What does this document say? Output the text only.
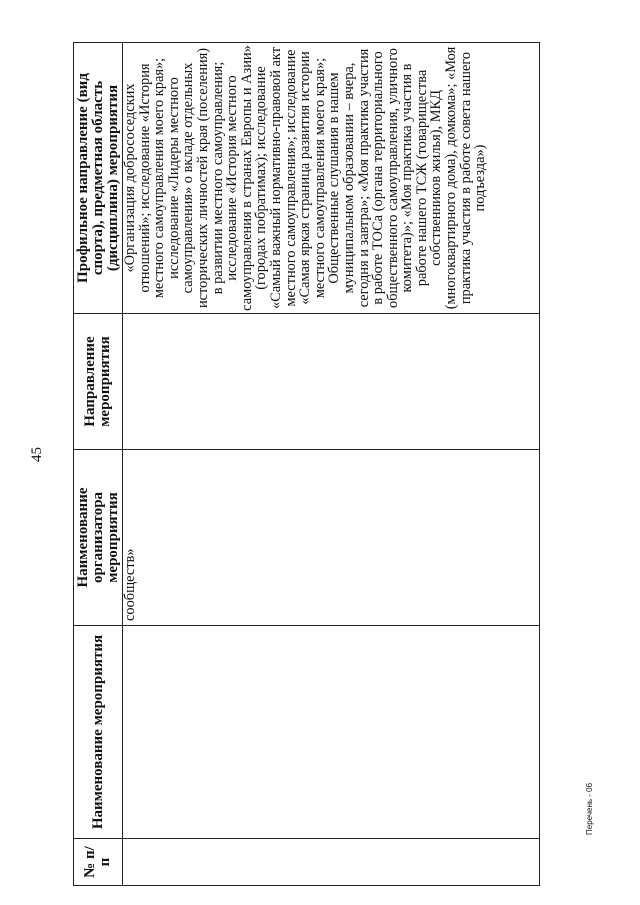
45
№ п/п	Наименование мероприятия	Наименование организатора мероприятия	Направление мероприятия	Профильное направление (вид спорта), предметная область (дисциплина) мероприятия
		сообществ»		«Организация добрососедских отношений»; исследование «История местного самоуправления моего края»; исследование «Лидеры местного самоуправления» о вкладе отдельных исторических личностей края (поселения) в развитии местного самоуправления; исследование «История местного самоуправления в странах Европы и Азии» (городах побратимах); исследование «Самый важный нормативно-правовой акт местного самоуправления»; исследование «Самая яркая страница развития истории местного самоуправления моего края»; Общественные слушания в нашем муниципальном образовании – вчера, сегодня и завтра»; «Моя практика участия в работе ТОСа (органа территориального общественного самоуправления, уличного комитета)»; «Моя практика участия в работе нашего ТСЖ (товарищества собственников жилья), МКД (многоквартирного дома), домкома»; «Моя практика участия в работе совета нашего подъезда»)
Перечень - 06
